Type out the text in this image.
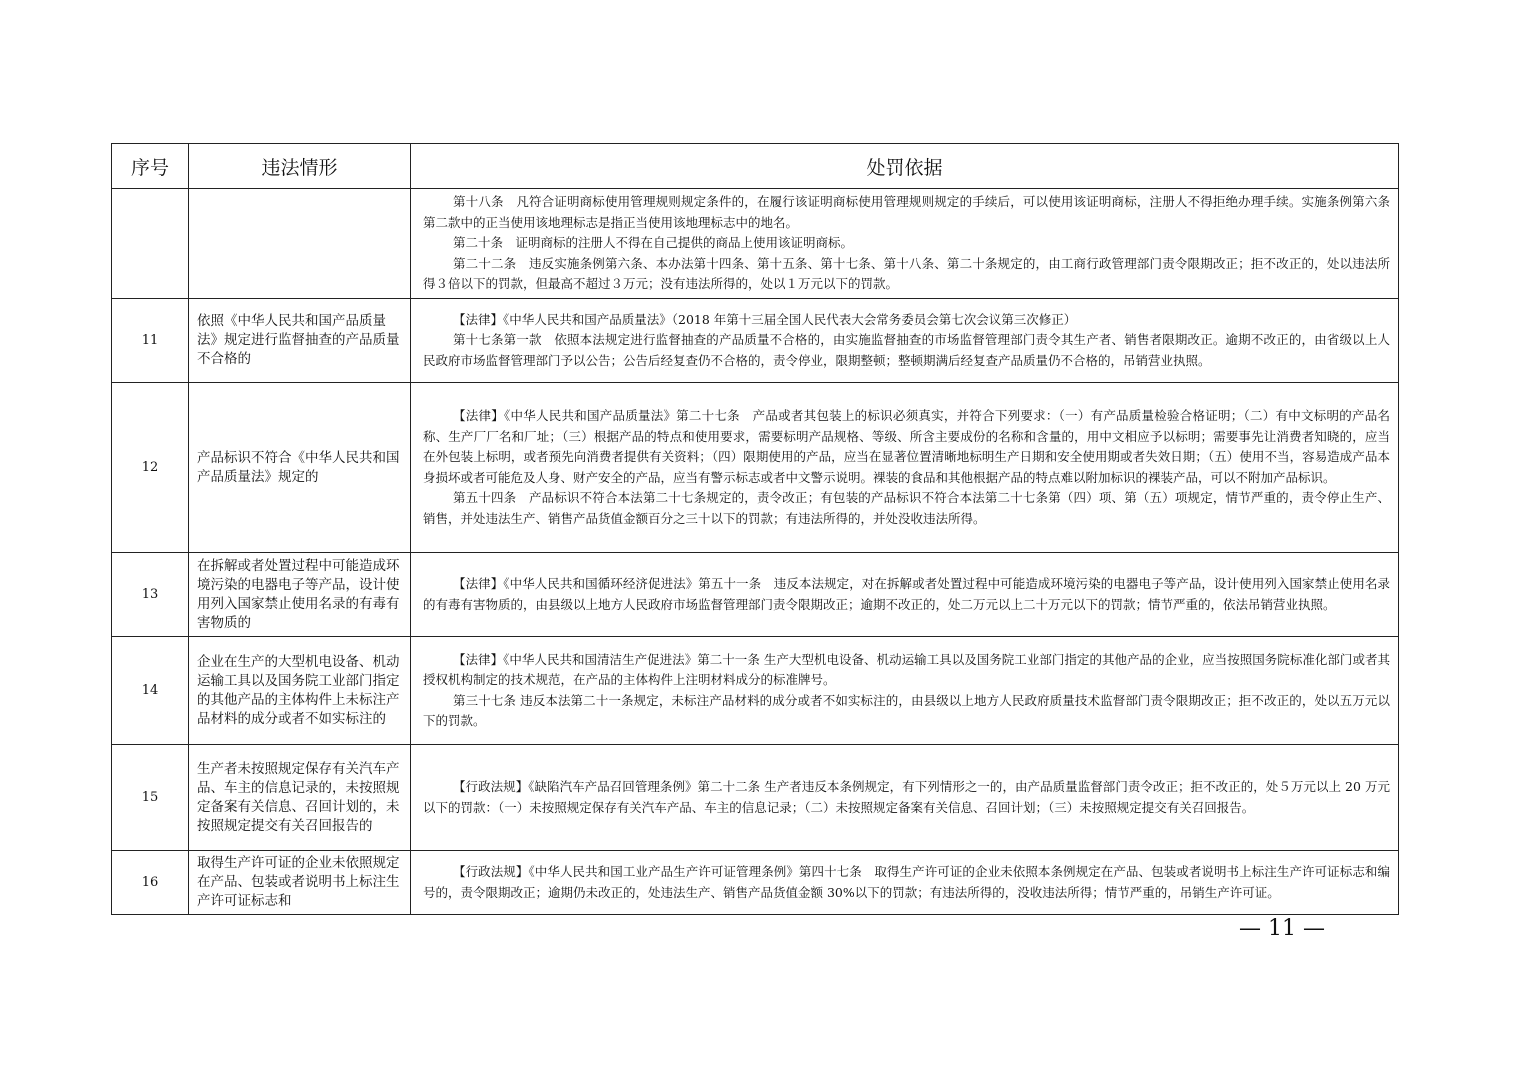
序号	违法情形	处罚依据

		第十八条　凡符合证明商标使用管理规则规定条件的，在履行该证明商标使用管理规则规定的手续后，可以使用该证明商标，注册人不得拒绝办理手续。实施条例第六条第二款中的正当使用该地理标志是指正当使用该地理标志中的地名。

第二十条　证明商标的注册人不得在自己提供的商品上使用该证明商标。

第二十二条　违反实施条例第六条、本办法第十四条、第十五条、第十七条、第十八条、第二十条规定的，由工商行政管理部门责令限期改正；拒不改正的，处以违法所得３倍以下的罚款，但最高不超过３万元；没有违法所得的，处以１万元以下的罚款。

11	依照《中华人民共和国产品质量法》规定进行监督抽查的产品质量不合格的	【法律】《中华人民共和国产品质量法》（2018 年第十三届全国人民代表大会常务委员会第七次会议第三次修正）

第十七条第一款　依照本法规定进行监督抽查的产品质量不合格的，由实施监督抽查的市场监督管理部门责令其生产者、销售者限期改正。逾期不改正的，由省级以上人民政府市场监督管理部门予以公告；公告后经复查仍不合格的，责令停业，限期整顿；整顿期满后经复查产品质量仍不合格的，吊销营业执照。

12	产品标识不符合《中华人民共和国产品质量法》规定的	【法律】《中华人民共和国产品质量法》第二十七条　产品或者其包装上的标识必须真实，并符合下列要求：（一）有产品质量检验合格证明；（二）有中文标明的产品名称、生产厂厂名和厂址；（三）根据产品的特点和使用要求，需要标明产品规格、等级、所含主要成份的名称和含量的，用中文相应予以标明；需要事先让消费者知晓的，应当在外包装上标明，或者预先向消费者提供有关资料；（四）限期使用的产品，应当在显著位置清晰地标明生产日期和安全使用期或者失效日期；（五）使用不当，容易造成产品本身损坏或者可能危及人身、财产安全的产品，应当有警示标志或者中文警示说明。裸装的食品和其他根据产品的特点难以附加标识的裸装产品，可以不附加产品标识。

第五十四条　产品标识不符合本法第二十七条规定的，责令改正；有包装的产品标识不符合本法第二十七条第（四）项、第（五）项规定，情节严重的，责令停止生产、销售，并处违法生产、销售产品货值金额百分之三十以下的罚款；有违法所得的，并处没收违法所得。

13	在拆解或者处置过程中可能造成环境污染的电器电子等产品，设计使用列入国家禁止使用名录的有毒有害物质的	【法律】《中华人民共和国循环经济促进法》第五十一条　违反本法规定，对在拆解或者处置过程中可能造成环境污染的电器电子等产品，设计使用列入国家禁止使用名录的有毒有害物质的，由县级以上地方人民政府市场监督管理部门责令限期改正；逾期不改正的，处二万元以上二十万元以下的罚款；情节严重的，依法吊销营业执照。

14	企业在生产的大型机电设备、机动运输工具以及国务院工业部门指定的其他产品的主体构件上未标注产品材料的成分或者不如实标注的	【法律】《中华人民共和国清洁生产促进法》第二十一条 生产大型机电设备、机动运输工具以及国务院工业部门指定的其他产品的企业，应当按照国务院标准化部门或者其授权机构制定的技术规范，在产品的主体构件上注明材料成分的标准牌号。

第三十七条 违反本法第二十一条规定，未标注产品材料的成分或者不如实标注的，由县级以上地方人民政府质量技术监督部门责令限期改正；拒不改正的，处以五万元以下的罚款。

15	生产者未按照规定保存有关汽车产品、车主的信息记录的，未按照规定备案有关信息、召回计划的，未按照规定提交有关召回报告的	【行政法规】《缺陷汽车产品召回管理条例》第二十二条 生产者违反本条例规定，有下列情形之一的，由产品质量监督部门责令改正；拒不改正的，处５万元以上 20 万元以下的罚款：（一）未按照规定保存有关汽车产品、车主的信息记录；（二）未按照规定备案有关信息、召回计划；（三）未按照规定提交有关召回报告。

16	取得生产许可证的企业未依照规定在产品、包装或者说明书上标注生产许可证标志和	【行政法规】《中华人民共和国工业产品生产许可证管理条例》第四十七条　取得生产许可证的企业未依照本条例规定在产品、包装或者说明书上标注生产许可证标志和编号的，责令限期改正；逾期仍未改正的，处违法生产、销售产品货值金额 30%以下的罚款；有违法所得的，没收违法所得；情节严重的，吊销生产许可证。

— 11 —
